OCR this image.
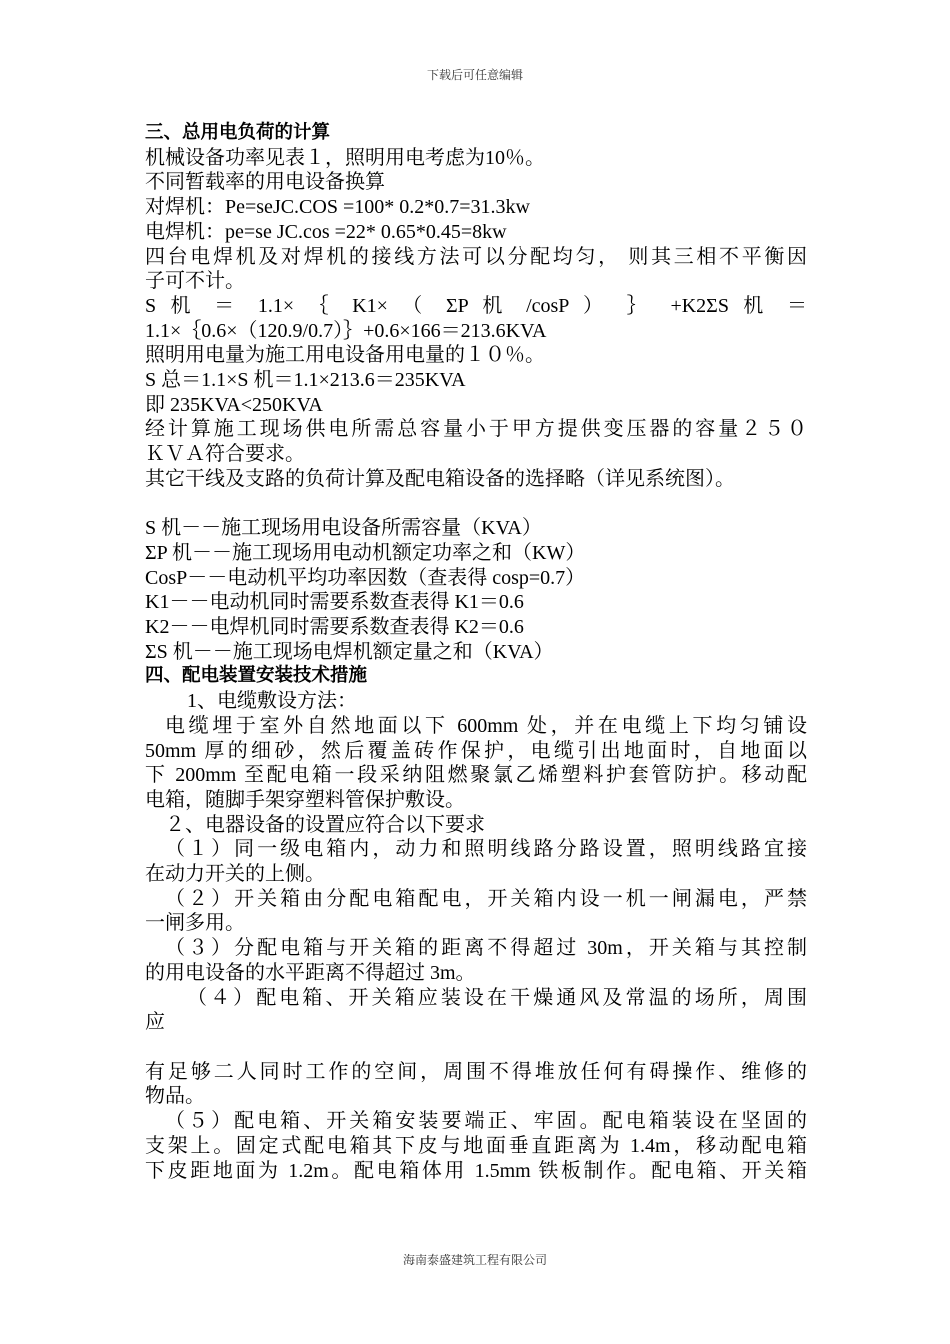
下载后可任意编辑

三、总用电负荷的计算

机械设备功率见表１，照明用电考虑为10％。

不同暂载率的用电设备换算

对焊机：Pe=seJC.COS =100* 0.2*0.7=31.3kw

电焊机：pe=se JC.cos =22* 0.65*0.45=8kw

四台电焊机及对焊机的接线方法可以分配均匀， 则其三相不平衡因

子可不计。

S 机 ＝ 1.1× ｛ K1× （ ΣP 机 /cosP ） ｝ +K2ΣS 机 ＝

1.1×｛0.6×（120.9/0.7）｝+0.6×166＝213.6KVA

照明用电量为施工用电设备用电量的１０％。

S 总＝1.1×S 机＝1.1×213.6＝235KVA

即 235KVA<250KVA

经计算施工现场供电所需总容量小于甲方提供变压器的容量２５０

ＫＶＡ符合要求。

其它干线及支路的负荷计算及配电箱设备的选择略（详见系统图）。

S 机－－施工现场用电设备所需容量（KVA）

ΣP 机－－施工现场用电动机额定功率之和（KW）

CosP－－电动机平均功率因数（查表得 cosp=0.7）

K1－－电动机同时需要系数查表得 K1＝0.6

K2－－电焊机同时需要系数查表得 K2＝0.6

ΣS 机－－施工现场电焊机额定量之和（KVA）

四、配电装置安装技术措施

1、电缆敷设方法：

电缆埋于室外自然地面以下 600mm 处，并在电缆上下均匀铺设

50mm 厚的细砂，然后覆盖砖作保护，电缆引出地面时，自地面以

下 200mm 至配电箱一段采纳阻燃聚氯乙烯塑料护套管防护。移动配

电箱，随脚手架穿塑料管保护敷设。

２、电器设备的设置应符合以下要求

（１）同一级电箱内，动力和照明线路分路设置，照明线路宜接

在动力开关的上侧。

（２）开关箱由分配电箱配电，开关箱内设一机一闸漏电，严禁

一闸多用。

（３）分配电箱与开关箱的距离不得超过 30m，开关箱与其控制

的用电设备的水平距离不得超过 3m。

（４）配电箱、开关箱应装设在干燥通风及常温的场所，周围

应

有足够二人同时工作的空间，周围不得堆放任何有碍操作、维修的

物品。

（５）配电箱、开关箱安装要端正、牢固。配电箱装设在坚固的

支架上。固定式配电箱其下皮与地面垂直距离为 1.4m，移动配电箱

下皮距地面为 1.2m。配电箱体用 1.5mm 铁板制作。配电箱、开关箱

海南泰盛建筑工程有限公司
